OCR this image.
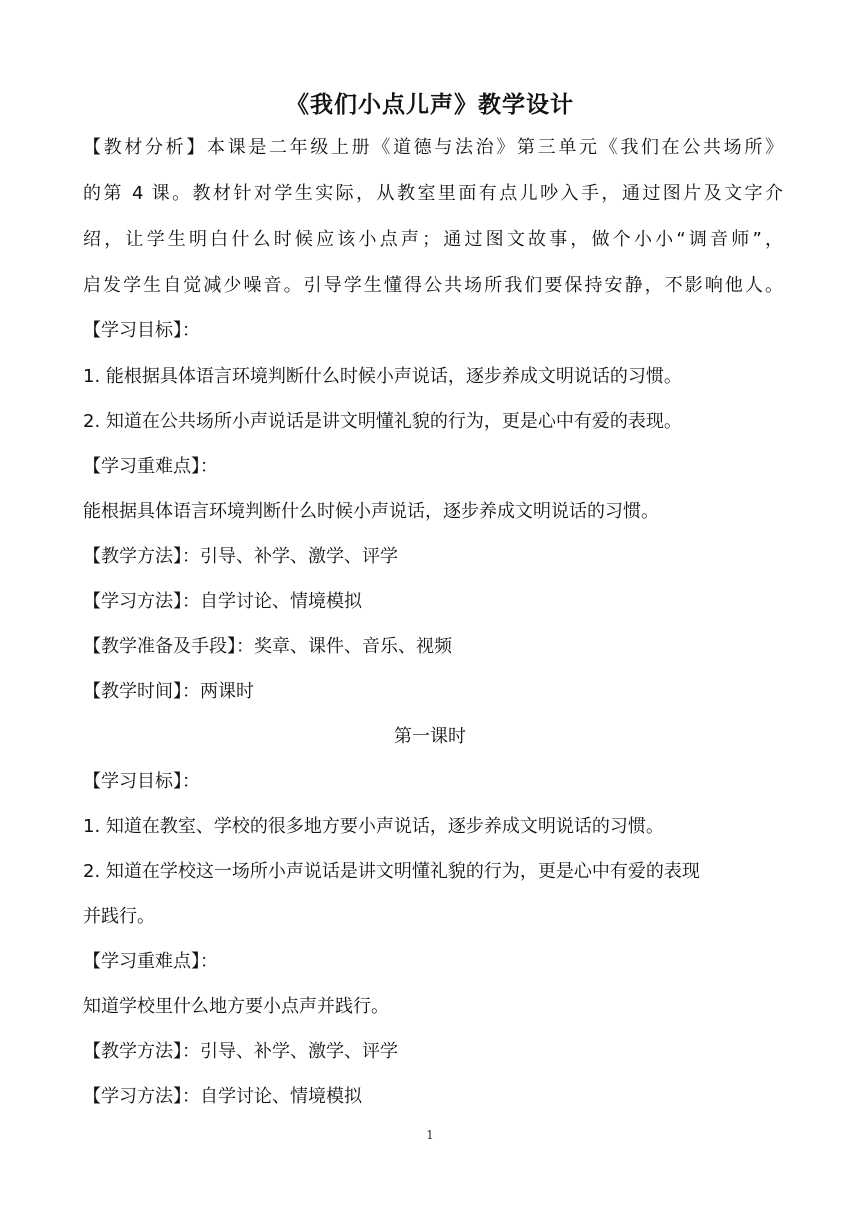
《我们小点儿声》教学设计
【教材分析】本课是二年级上册《道德与法治》第三单元《我们在公共场所》
的第 4 课。教材针对学生实际，从教室里面有点儿吵入手，通过图片及文字介
绍，让学生明白什么时候应该小点声；通过图文故事，做个小小“调音师”，
启发学生自觉减少噪音。引导学生懂得公共场所我们要保持安静，不影响他人。
【学习目标】：
1. 能根据具体语言环境判断什么时候小声说话，逐步养成文明说话的习惯。
2. 知道在公共场所小声说话是讲文明懂礼貌的行为，更是心中有爱的表现。
【学习重难点】：
能根据具体语言环境判断什么时候小声说话，逐步养成文明说话的习惯。
【教学方法】：引导、补学、激学、评学
【学习方法】：自学讨论、情境模拟
【教学准备及手段】：奖章、课件、音乐、视频
【教学时间】：两课时
第一课时
【学习目标】：
1. 知道在教室、学校的很多地方要小声说话，逐步养成文明说话的习惯。
2. 知道在学校这一场所小声说话是讲文明懂礼貌的行为，更是心中有爱的表现
并践行。
【学习重难点】：
知道学校里什么地方要小点声并践行。
【教学方法】：引导、补学、激学、评学
【学习方法】：自学讨论、情境模拟
1
